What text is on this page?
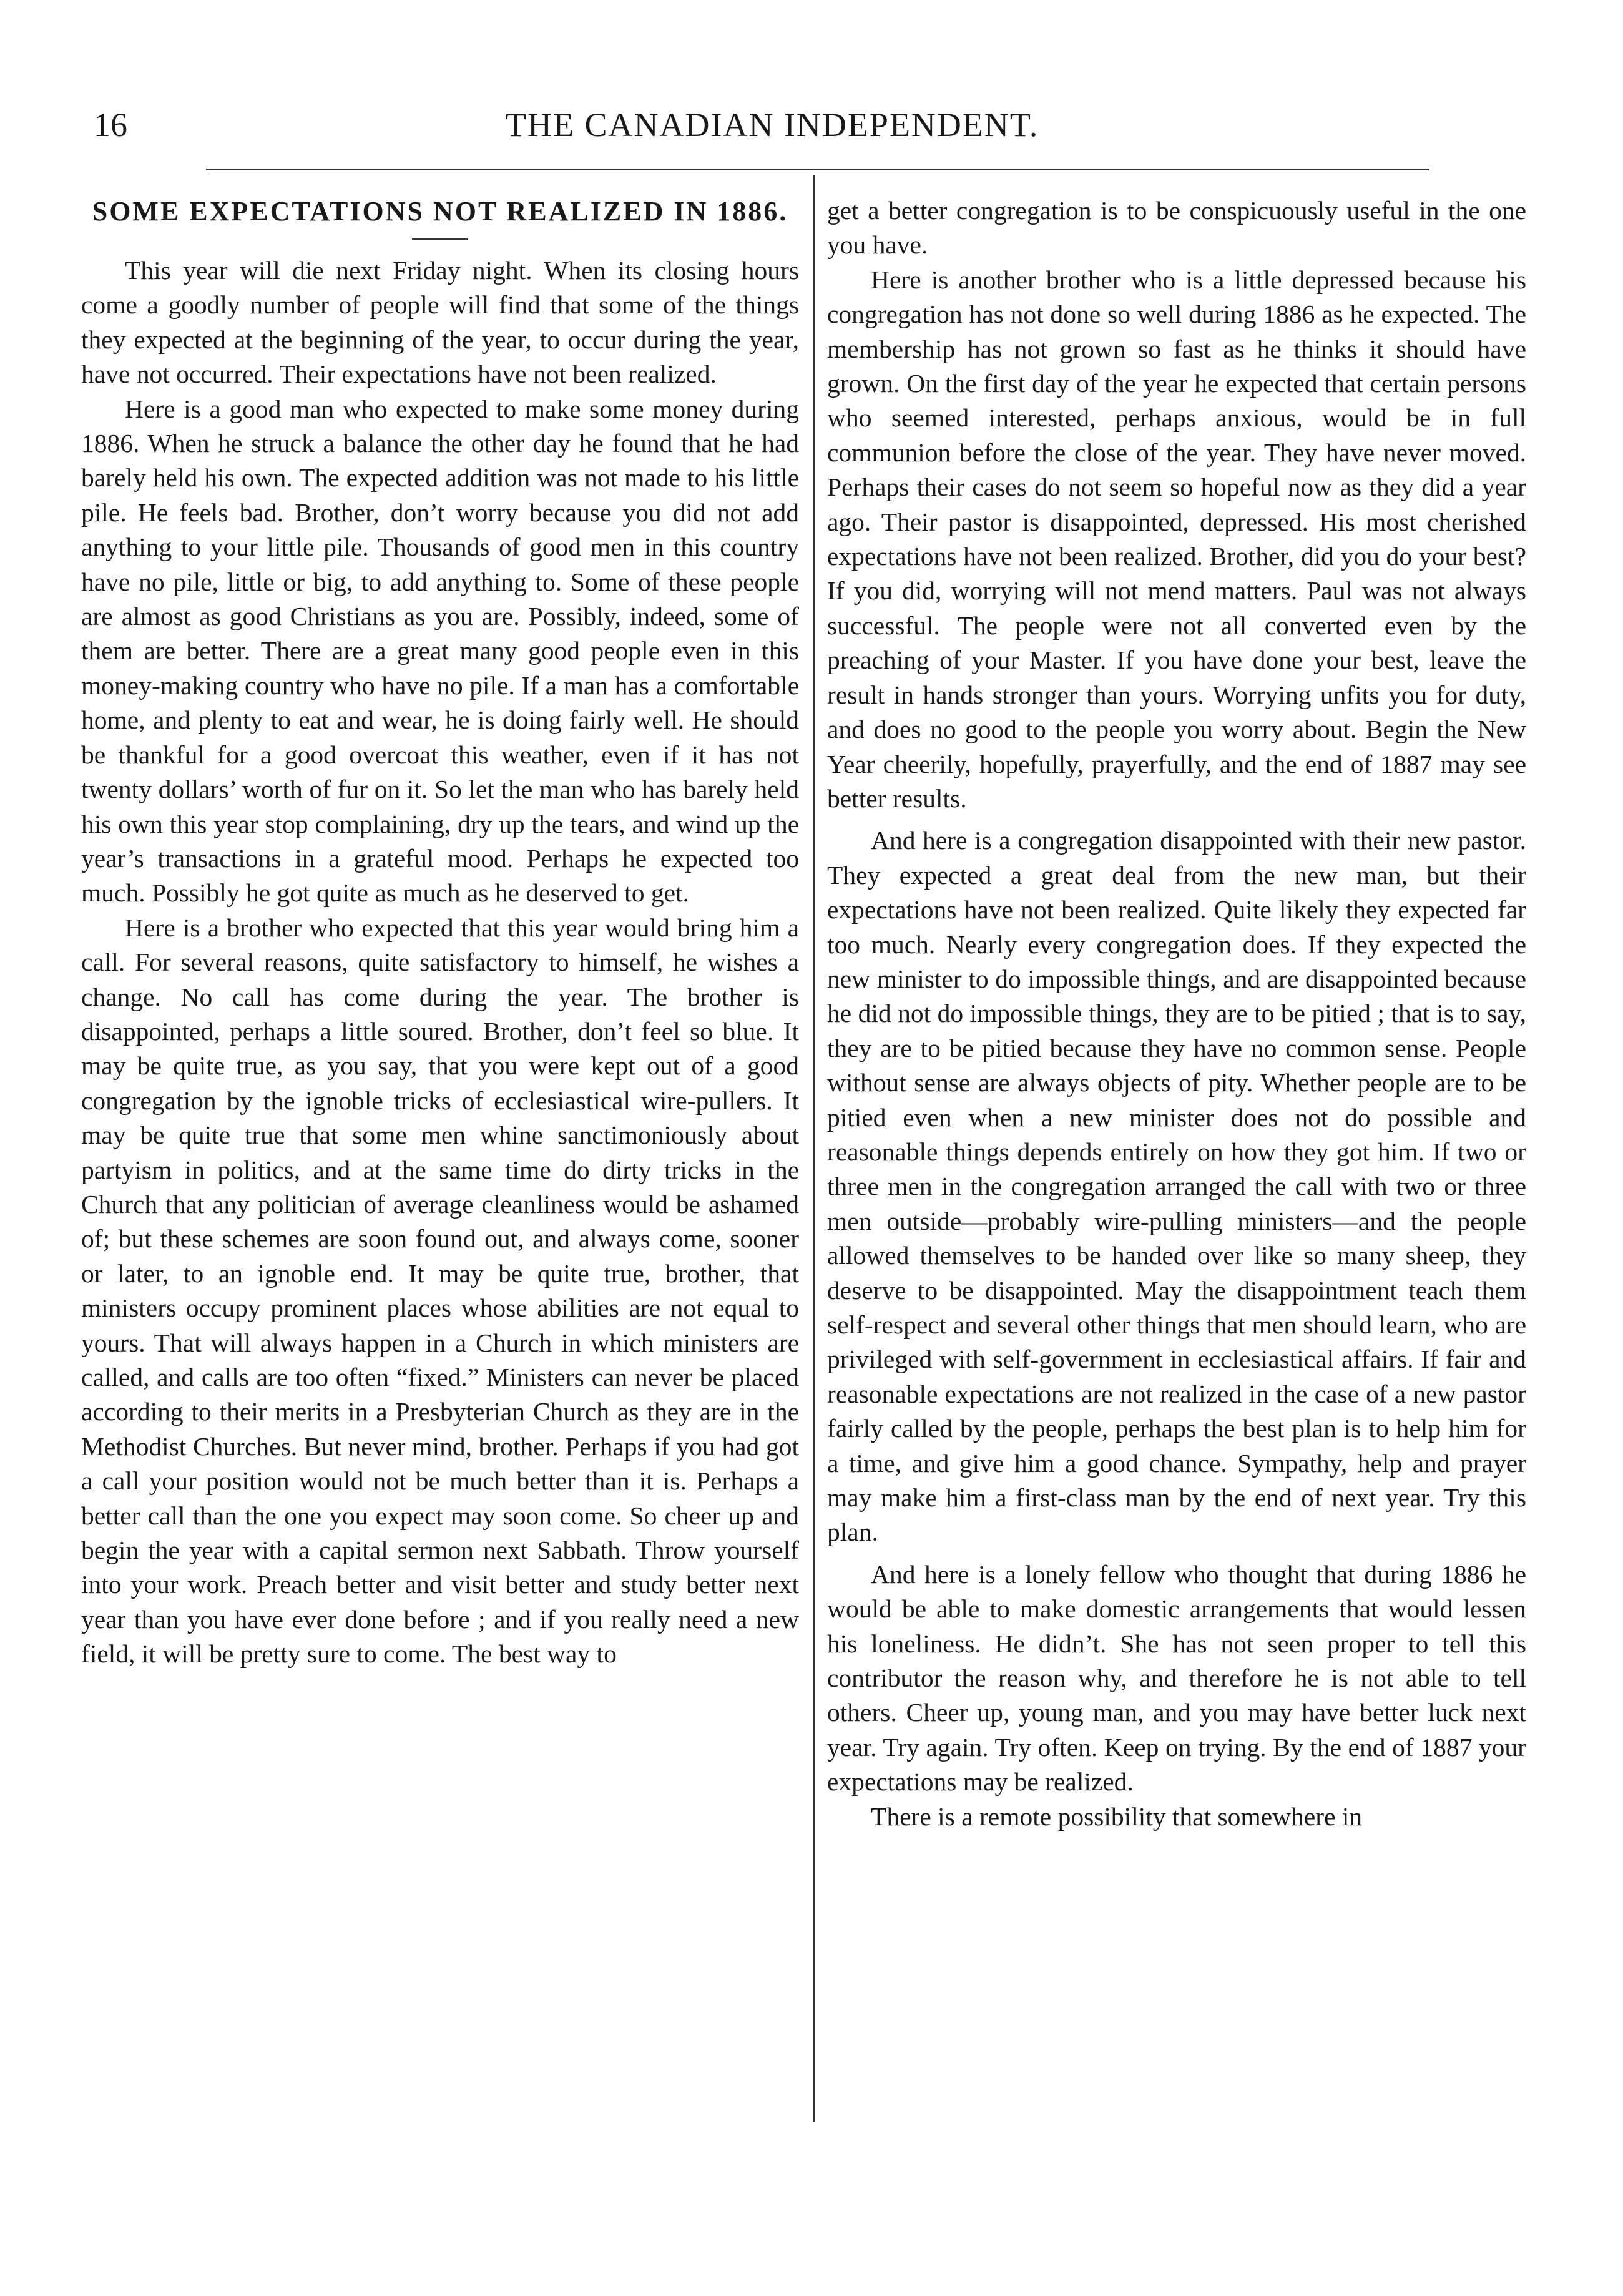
16	THE CANADIAN INDEPENDENT.
SOME EXPECTATIONS NOT REALIZED IN 1886.

This year will die next Friday night. When its closing hours come a goodly number of people will find that some of the things they expected at the beginning of the year, to occur during the year, have not occurred. Their expectations have not been realized.

Here is a good man who expected to make some money during 1886. When he struck a balance the other day he found that he had barely held his own. The expected addition was not made to his little pile. He feels bad. Brother, don’t worry because you did not add anything to your little pile. Thousands of good men in this country have no pile, little or big, to add anything to. Some of these people are almost as good Christians as you are. Possibly, indeed, some of them are better. There are a great many good people even in this money-making country who have no pile. If a man has a comfortable home, and plenty to eat and wear, he is doing fairly well. He should be thankful for a good overcoat this weather, even if it has not twenty dollars’ worth of fur on it. So let the man who has barely held his own this year stop complaining, dry up the tears, and wind up the year’s transactions in a grateful mood. Perhaps he expected too much. Possibly he got quite as much as he deserved to get.

Here is a brother who expected that this year would bring him a call. For several reasons, quite satisfactory to himself, he wishes a change. No call has come during the year. The brother is disappointed, perhaps a little soured. Brother, don’t feel so blue. It may be quite true, as you say, that you were kept out of a good congregation by the ignoble tricks of ecclesiastical wire-pullers. It may be quite true that some men whine sanctimoniously about partyism in politics, and at the same time do dirty tricks in the Church that any politician of average cleanliness would be ashamed of; but these schemes are soon found out, and always come, sooner or later, to an ignoble end. It may be quite true, brother, that ministers occupy prominent places whose abilities are not equal to yours. That will always happen in a Church in which ministers are called, and calls are too often “fixed.” Ministers can never be placed according to their merits in a Presbyterian Church as they are in the Methodist Churches. But never mind, brother. Perhaps if you had got a call your position would not be much better than it is. Perhaps a better call than the one you expect may soon come. So cheer up and begin the year with a capital sermon next Sabbath. Throw yourself into your work. Preach better and visit better and study better next year than you have ever done before ; and if you really need a new field, it will be pretty sure to come. The best way to

get a better congregation is to be conspicuously useful in the one you have.

Here is another brother who is a little depressed because his congregation has not done so well during 1886 as he expected. The membership has not grown so fast as he thinks it should have grown. On the first day of the year he expected that certain persons who seemed interested, perhaps anxious, would be in full communion before the close of the year. They have never moved. Perhaps their cases do not seem so hopeful now as they did a year ago. Their pastor is disappointed, depressed. His most cherished expectations have not been realized. Brother, did you do your best? If you did, worrying will not mend matters. Paul was not always successful. The people were not all converted even by the preaching of your Master. If you have done your best, leave the result in hands stronger than yours. Worrying unfits you for duty, and does no good to the people you worry about. Begin the New Year cheerily, hopefully, prayerfully, and the end of 1887 may see better results.

And here is a congregation disappointed with their new pastor. They expected a great deal from the new man, but their expectations have not been realized. Quite likely they expected far too much. Nearly every congregation does. If they expected the new minister to do impossible things, and are disappointed because he did not do impossible things, they are to be pitied ; that is to say, they are to be pitied because they have no common sense. People without sense are always objects of pity. Whether people are to be pitied even when a new minister does not do possible and reasonable things depends entirely on how they got him. If two or three men in the congregation arranged the call with two or three men outside—probably wire-pulling ministers—and the people allowed themselves to be handed over like so many sheep, they deserve to be disappointed. May the disappointment teach them self-respect and several other things that men should learn, who are privileged with self-government in ecclesiastical affairs. If fair and reasonable expectations are not realized in the case of a new pastor fairly called by the people, perhaps the best plan is to help him for a time, and give him a good chance. Sympathy, help and prayer may make him a first-class man by the end of next year. Try this plan.

And here is a lonely fellow who thought that during 1886 he would be able to make domestic arrangements that would lessen his loneliness. He didn’t. She has not seen proper to tell this contributor the reason why, and therefore he is not able to tell others. Cheer up, young man, and you may have better luck next year. Try again. Try often. Keep on trying. By the end of 1887 your expectations may be realized.

There is a remote possibility that somewhere in
